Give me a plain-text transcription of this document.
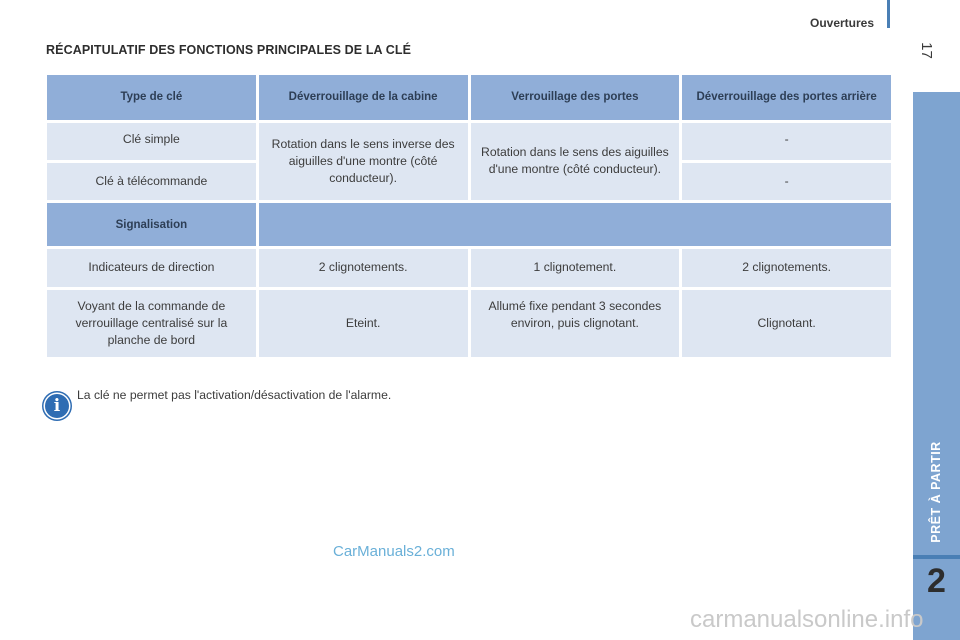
Ouvertures
17
PRÊT À PARTIR
2
RÉCAPITULATIF DES FONCTIONS PRINCIPALES DE LA CLÉ
Type de clé	Déverrouillage de la cabine	Verrouillage des portes	Déverrouillage des portes arrière
Clé simple	Rotation dans le sens inverse des aiguilles d'une montre (côté conducteur).	Rotation dans le sens des aiguilles d'une montre (côté conducteur).	-
Clé à télécommande			-
Signalisation			
Indicateurs de direction	2 clignotements.	1 clignotement.	2 clignotements.
Voyant de la commande de verrouillage centralisé sur la planche de bord	Eteint.	Allumé fixe pendant 3 secondes environ, puis clignotant.	Clignotant.
i
La clé ne permet pas l'activation/désactivation de l'alarme.
CarManuals2.com
carmanualsonline.info
